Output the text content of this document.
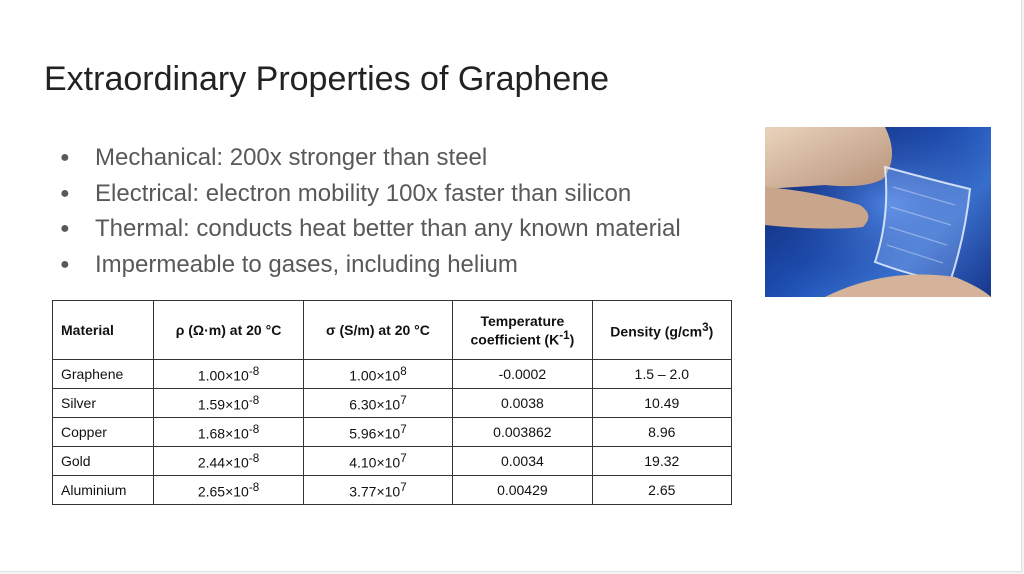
Extraordinary Properties of Graphene
● Mechanical: 200x stronger than steel
● Electrical: electron mobility 100x faster than silicon
● Thermal: conducts heat better than any known material
● Impermeable to gases, including helium
Material	ρ (Ω·m) at 20 °C	σ (S/m) at 20 °C	Temperature coefficient $(K^{-1})$	Density $(g/cm^3)$
Graphene	$1.00\times 10^{-8}$	$1.00\times 10^8$	-0.0002	1.5 – 2.0
Silver	$1.59\times 10^{-8}$	$6.30\times 10^7$	0.0038	10.49
Copper	$1.68\times 10^{-8}$	$5.96\times 10^7$	0.003862	8.96
Gold	$2.44\times 10^{-8}$	$4.10\times 10^7$	0.0034	19.32
Aluminium	$2.65\times 10^{-8}$	$3.77\times 10^7$	0.00429	2.65
